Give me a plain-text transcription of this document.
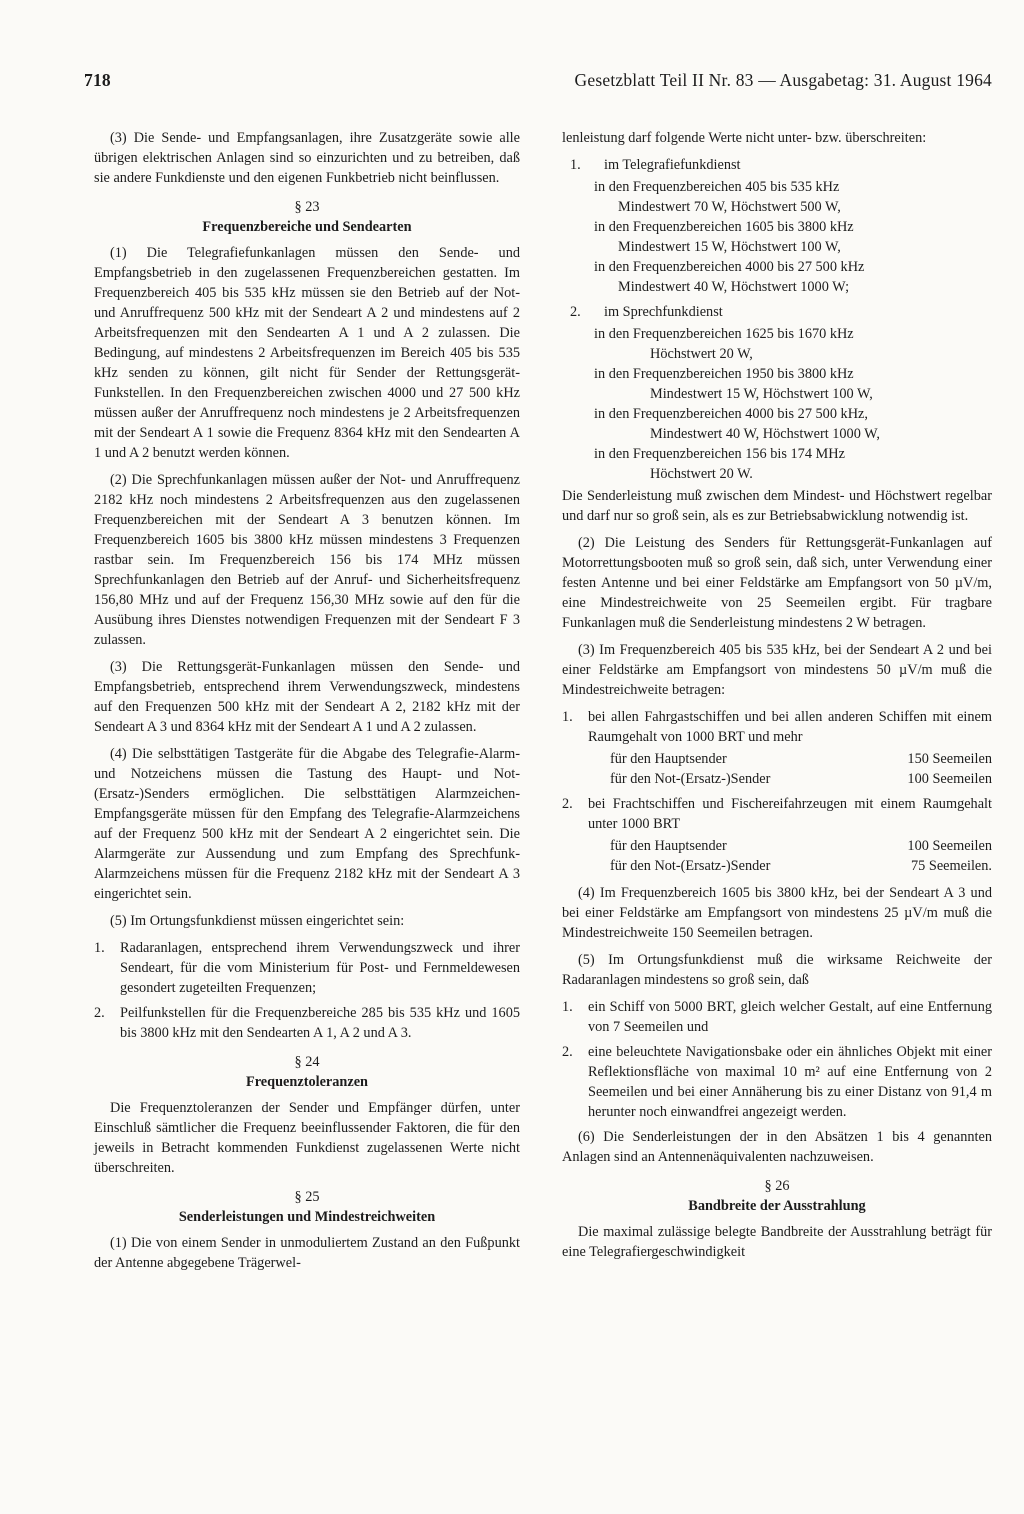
718	Gesetzblatt Teil II Nr. 83 — Ausgabetag: 31. August 1964

(3) Die Sende- und Empfangsanlagen, ihre Zusatzgeräte sowie alle übrigen elektrischen Anlagen sind so einzurichten und zu betreiben, daß sie andere Funkdienste und den eigenen Funkbetrieb nicht beinflussen.

§ 23
Frequenzbereiche und Sendearten

(1) Die Telegrafiefunkanlagen müssen den Sende- und Empfangsbetrieb in den zugelassenen Frequenzbereichen gestatten. Im Frequenzbereich 405 bis 535 kHz müssen sie den Betrieb auf der Not- und Anruffrequenz 500 kHz mit der Sendeart A 2 und mindestens auf 2 Arbeitsfrequenzen mit den Sendearten A 1 und A 2 zulassen. Die Bedingung, auf mindestens 2 Arbeitsfrequenzen im Bereich 405 bis 535 kHz senden zu können, gilt nicht für Sender der Rettungsgerät-Funkstellen. In den Frequenzbereichen zwischen 4000 und 27 500 kHz müssen außer der Anruffrequenz noch mindestens je 2 Arbeitsfrequenzen mit der Sendeart A 1 sowie die Frequenz 8364 kHz mit den Sendearten A 1 und A 2 benutzt werden können.

(2) Die Sprechfunkanlagen müssen außer der Not- und Anruffrequenz 2182 kHz noch mindestens 2 Arbeitsfrequenzen aus den zugelassenen Frequenzbereichen mit der Sendeart A 3 benutzen können. Im Frequenzbereich 1605 bis 3800 kHz müssen mindestens 3 Frequenzen rastbar sein. Im Frequenzbereich 156 bis 174 MHz müssen Sprechfunkanlagen den Betrieb auf der Anruf- und Sicherheitsfrequenz 156,80 MHz und auf der Frequenz 156,30 MHz sowie auf den für die Ausübung ihres Dienstes notwendigen Frequenzen mit der Sendeart F 3 zulassen.

(3) Die Rettungsgerät-Funkanlagen müssen den Sende- und Empfangsbetrieb, entsprechend ihrem Verwendungszweck, mindestens auf den Frequenzen 500 kHz mit der Sendeart A 2, 2182 kHz mit der Sendeart A 3 und 8364 kHz mit der Sendeart A 1 und A 2 zulassen.

(4) Die selbsttätigen Tastgeräte für die Abgabe des Telegrafie-Alarm- und Notzeichens müssen die Tastung des Haupt- und Not-(Ersatz-)Senders ermöglichen. Die selbsttätigen Alarmzeichen-Empfangsgeräte müssen für den Empfang des Telegrafie-Alarmzeichens auf der Frequenz 500 kHz mit der Sendeart A 2 eingerichtet sein. Die Alarmgeräte zur Aussendung und zum Empfang des Sprechfunk-Alarmzeichens müssen für die Frequenz 2182 kHz mit der Sendeart A 3 eingerichtet sein.

(5) Im Ortungsfunkdienst müssen eingerichtet sein:

1.	Radaranlagen, entsprechend ihrem Verwendungszweck und ihrer Sendeart, für die vom Ministerium für Post- und Fernmeldewesen gesondert zugeteilten Frequenzen;
2.	Peilfunkstellen für die Frequenzbereiche 285 bis 535 kHz und 1605 bis 3800 kHz mit den Sendearten A 1, A 2 und A 3.
§ 24
Frequenztoleranzen

Die Frequenztoleranzen der Sender und Empfänger dürfen, unter Einschluß sämtlicher die Frequenz beeinflussender Faktoren, die für den jeweils in Betracht kommenden Funkdienst zugelassenen Werte nicht überschreiten.

§ 25
Senderleistungen und Mindestreichweiten

(1) Die von einem Sender in unmoduliertem Zustand an den Fußpunkt der Antenne abgegebene Trägerwel-

lenleistung darf folgende Werte nicht unter- bzw. überschreiten:

1.	im Telegrafiefunkdienst
in den Frequenzbereichen 405 bis 535 kHz
Mindestwert 70 W, Höchstwert 500 W,
in den Frequenzbereichen 1605 bis 3800 kHz
Mindestwert 15 W, Höchstwert 100 W,
in den Frequenzbereichen 4000 bis 27 500 kHz
Mindestwert 40 W, Höchstwert 1000 W;
2.	im Sprechfunkdienst
in den Frequenzbereichen 1625 bis 1670 kHz
Höchstwert 20 W,
in den Frequenzbereichen 1950 bis 3800 kHz
Mindestwert 15 W, Höchstwert 100 W,
in den Frequenzbereichen 4000 bis 27 500 kHz,
Mindestwert 40 W, Höchstwert 1000 W,
in den Frequenzbereichen 156 bis 174 MHz
Höchstwert 20 W.

Die Senderleistung muß zwischen dem Mindest- und Höchstwert regelbar und darf nur so groß sein, als es zur Betriebsabwicklung notwendig ist.

(2) Die Leistung des Senders für Rettungsgerät-Funkanlagen auf Motorrettungsbooten muß so groß sein, daß sich, unter Verwendung einer festen Antenne und bei einer Feldstärke am Empfangsort von 50 µV/m, eine Mindestreichweite von 25 Seemeilen ergibt. Für tragbare Funkanlagen muß die Senderleistung mindestens 2 W betragen.

(3) Im Frequenzbereich 405 bis 535 kHz, bei der Sendeart A 2 und bei einer Feldstärke am Empfangsort von mindestens 50 µV/m muß die Mindestreichweite betragen:

1.	bei allen Fahrgastschiffen und bei allen anderen Schiffen mit einem Raumgehalt von 1000 BRT und mehr
für den Hauptsender	150 Seemeilen
für den Not-(Ersatz-)Sender	100 Seemeilen
2.	bei Frachtschiffen und Fischereifahrzeugen mit einem Raumgehalt unter 1000 BRT
für den Hauptsender	100 Seemeilen
für den Not-(Ersatz-)Sender	75 Seemeilen.

(4) Im Frequenzbereich 1605 bis 3800 kHz, bei der Sendeart A 3 und bei einer Feldstärke am Empfangsort von mindestens 25 µV/m muß die Mindestreichweite 150 Seemeilen betragen.

(5) Im Ortungsfunkdienst muß die wirksame Reichweite der Radaranlagen mindestens so groß sein, daß

1.	ein Schiff von 5000 BRT, gleich welcher Gestalt, auf eine Entfernung von 7 Seemeilen und
2.	eine beleuchtete Navigationsbake oder ein ähnliches Objekt mit einer Reflektionsfläche von maximal 10 m² auf eine Entfernung von 2 Seemeilen und bei einer Annäherung bis zu einer Distanz von 91,4 m herunter noch einwandfrei angezeigt werden.

(6) Die Senderleistungen der in den Absätzen 1 bis 4 genannten Anlagen sind an Antennenäquivalenten nachzuweisen.

§ 26
Bandbreite der Ausstrahlung

Die maximal zulässige belegte Bandbreite der Ausstrahlung beträgt für eine Telegrafiergeschwindigkeit
